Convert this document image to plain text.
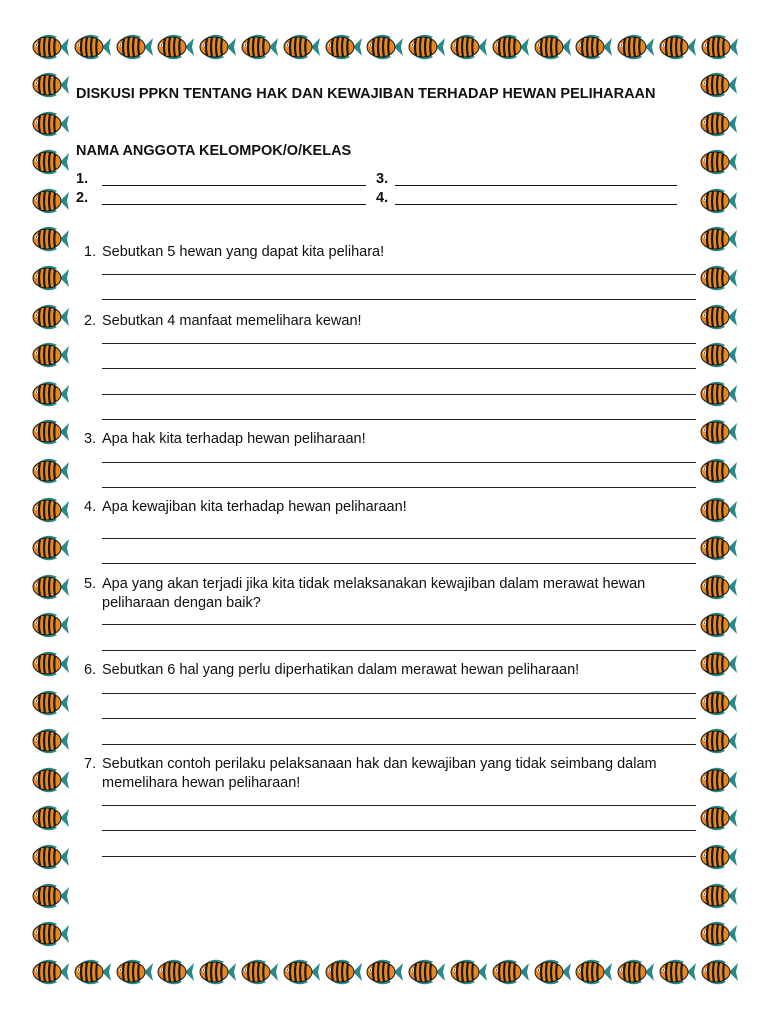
DISKUSI PPKN TENTANG HAK DAN KEWAJIBAN TERHADAP HEWAN PELIHARAAN
NAMA ANGGOTA KELOMPOK/O/KELAS
1.
2.
3.
4.
1. Sebutkan 5 hewan yang dapat kita pelihara!
2. Sebutkan 4 manfaat memelihara kewan!
3. Apa hak kita terhadap hewan peliharaan!
4. Apa kewajiban kita terhadap hewan peliharaan!
5. Apa yang akan terjadi jika kita tidak melaksanakan kewajiban dalam merawat hewan peliharaan dengan baik?
6. Sebutkan 6 hal yang perlu diperhatikan dalam merawat hewan peliharaan!
7. Sebutkan contoh perilaku pelaksanaan hak dan kewajiban yang tidak seimbang dalam memelihara hewan peliharaan!
